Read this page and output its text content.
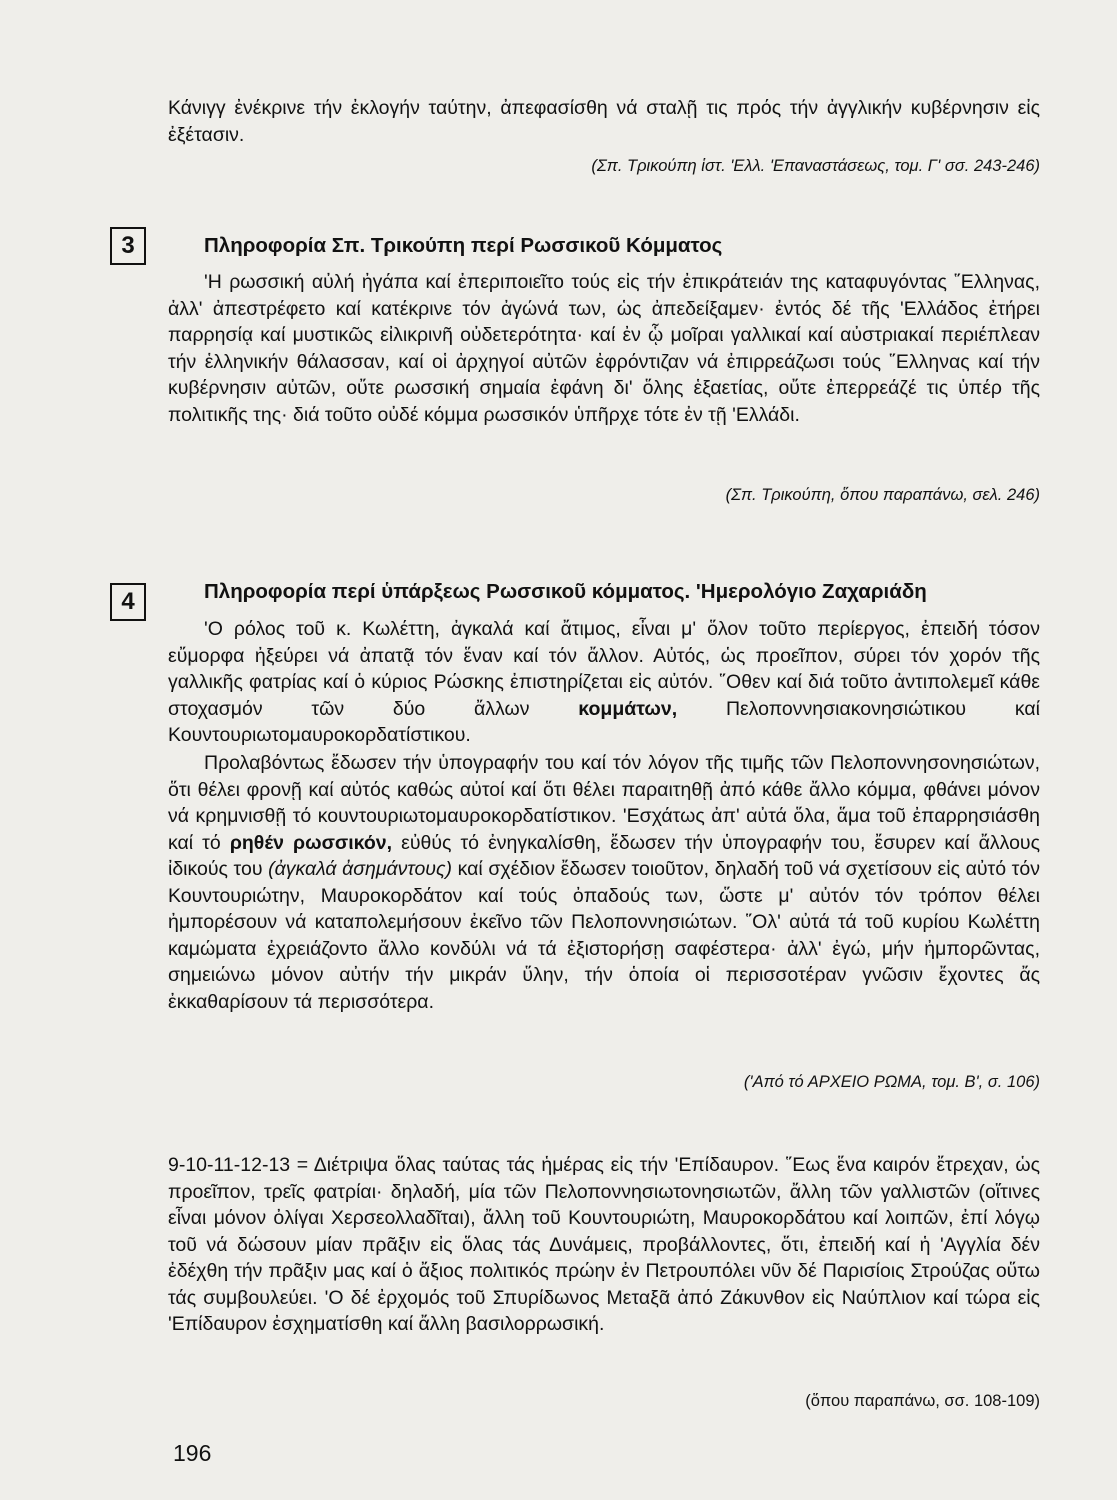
Κάνιγγ ἐνέκρινε τήν ἐκλογήν ταύτην, ἀπεφασίσθη νά σταλῇ τις πρός τήν ἀγγλικήν κυβέρνησιν εἰς ἐξέτασιν.

(Σπ. Τρικούπη ἱστ. 'Ελλ. 'Επαναστάσεως, τομ. Γ' σσ. 243-246)
3	Πληροφορία Σπ. Τρικούπη περί Ρωσσικοῦ Κόμματος

'Η ρωσσική αὐλή ἠγάπα καί ἐπεριποιεῖτο τούς εἰς τήν ἐπικράτειάν της καταφυγόντας ῞Ελληνας, ἀλλ' ἀπεστρέφετο καί κατέκρινε τόν ἀγώνά των, ὡς ἀπεδείξαμεν· ἐντός δέ τῆς 'Ελλάδος ἐτήρει παρρησίᾳ καί μυστικῶς εἰλικρινῆ οὐδετερότητα· καί ἐν ᾧ μοῖραι γαλλικαί καί αὐστριακαί περιέπλεαν τήν ἑλληνικήν θάλασσαν, καί οἱ ἀρχηγοί αὐτῶν ἐφρόντιζαν νά ἐπιρρεάζωσι τούς ῞Ελληνας καί τήν κυβέρνησιν αὐτῶν, οὔτε ρωσσική σημαία ἐφάνη δι' ὅλης ἑξαετίας, οὔτε ἐπερρεάζέ τις ὑπέρ τῆς πολιτικῆς της· διά τοῦτο οὐδέ κόμμα ρωσσικόν ὑπῆρχε τότε ἐν τῇ 'Ελλάδι.

(Σπ. Τρικούπη, ὅπου παραπάνω, σελ. 246)
4	Πληροφορία περί ὑπάρξεως Ρωσσικοῦ κόμματος. 'Ημερολόγιο Ζαχαριάδη

'Ο ρόλος τοῦ κ. Κωλέττη, ἀγκαλά καί ἄτιμος, εἶναι μ' ὅλον τοῦτο περίεργος, ἐπειδή τόσον εὔμορφα ἠξεύρει νά ἀπατᾷ τόν ἕναν καί τόν ἄλλον. Αὐτός, ὡς προεῖπον, σύρει τόν χορόν τῆς γαλλικῆς φατρίας καί ὁ κύριος Ρώσκης ἐπιστηρίζεται εἰς αὐτόν. ῞Οθεν καί διά τοῦτο ἀντιπολεμεῖ κάθε στοχασμόν τῶν δύο ἄλλων	κομμάτων, Πελοποννησιακονησιώτικου καί Κουντουριωτομαυροκορδατίστικου.

Προλαβόντως ἔδωσεν τήν ὑπογραφήν του καί τόν λόγον τῆς τιμῆς τῶν Πελοποννησονησιώτων, ὅτι θέλει φρονῇ καί αὐτός καθώς αὐτοί καί ὅτι θέλει παραιτηθῇ ἀπό κάθε ἄλλο κόμμα, φθάνει μόνον νά κρημνισθῇ τό κουντουριωτομαυροκορδατίστικον. 'Εσχάτως ἀπ' αὐτά ὅλα, ἅμα τοῦ ἐπαρρησιάσθη καί τό ρηθέν ρωσσικόν, εὐθύς τό ἐνηγκαλίσθη, ἔδωσεν τήν ὑπογραφήν του, ἔσυρεν καί ἄλλους ἰδικούς του (ἀγκαλά ἀσημάντους) καί σχέδιον ἔδωσεν τοιοῦτον, δηλαδή τοῦ νά σχετίσουν εἰς αὐτό τόν Κουντουριώτην, Μαυροκορδάτον καί τούς ὀπαδούς των, ὥστε μ' αὐτόν τόν τρόπον θέλει ἠμπορέσουν νά καταπολεμήσουν ἐκεῖνο τῶν Πελοποννησιώτων. ῞Ολ' αὐτά τά τοῦ κυρίου Κωλέττη καμώματα ἐχρειάζοντο ἄλλο κονδύλι νά τά ἐξιστορήσῃ σαφέστερα· ἀλλ' ἐγώ, μήν ἠμπορῶντας, σημειώνω μόνον αὐτήν τήν μικράν ὕλην, τήν ὁποία οἱ περισσοτέραν γνῶσιν ἔχοντες ἄς ἐκκαθαρίσουν τά περισσότερα.

('Από τό ΑΡΧΕΙΟ ΡΩΜΑ, τομ. Β', σ. 106)

9-10-11-12-13 = Διέτριψα ὅλας ταύτας τάς ἡμέρας εἰς τήν 'Επίδαυρον. ῞Εως ἕνα καιρόν ἔτρεχαν, ὡς προεῖπον, τρεῖς φατρίαι· δηλαδή, μία τῶν Πελοποννησιωτονησιωτῶν, ἄλλη τῶν γαλλιστῶν (οἵτινες εἶναι μόνον ὀλίγαι Χερσεολλαδῖται), ἄλλη τοῦ Κουντουριώτη, Μαυροκορδάτου καί λοιπῶν, ἐπί λόγῳ τοῦ νά δώσουν μίαν πρᾶξιν εἰς ὅλας τάς Δυνάμεις, προβάλλοντες, ὅτι, ἐπειδή καί ἡ 'Αγγλία δέν ἐδέχθη τήν πρᾶξιν μας καί ὁ ἄξιος πολιτικός πρώην ἐν Πετρουπόλει νῦν δέ Παρισίοις Στρούζας οὕτω τάς συμβουλεύει. 'Ο δέ ἐρχομός τοῦ Σπυρίδωνος Μεταξᾶ ἀπό Ζάκυνθον εἰς Ναύπλιον καί τώρα εἰς 'Επίδαυρον ἐσχηματίσθη καί ἄλλη βασιλορρωσική.

(ὅπου παραπάνω, σσ. 108-109)
196
